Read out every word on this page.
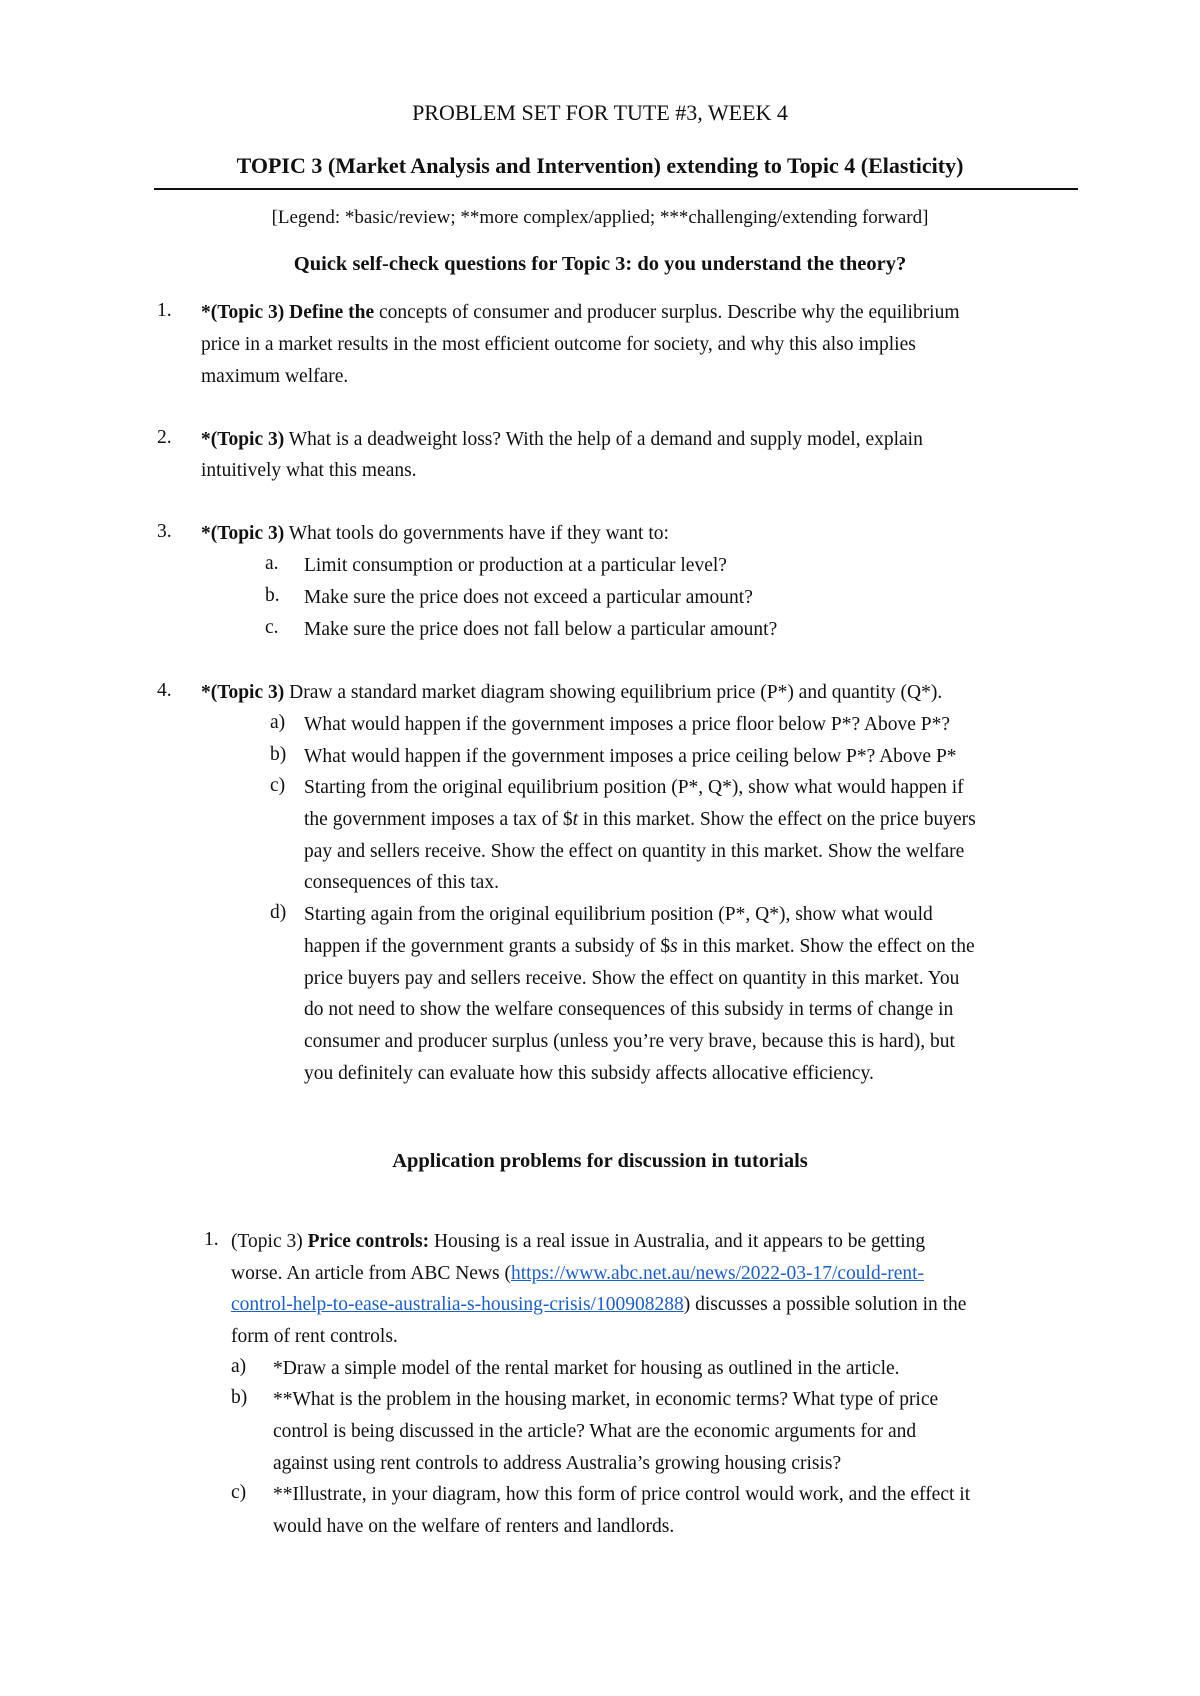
PROBLEM SET FOR TUTE #3, WEEK 4
TOPIC 3 (Market Analysis and Intervention) extending to Topic 4 (Elasticity)
[Legend: *basic/review; **more complex/applied; ***challenging/extending forward]
Quick self-check questions for Topic 3: do you understand the theory?
1. *(Topic 3) Define the concepts of consumer and producer surplus. Describe why the equilibrium
price in a market results in the most efficient outcome for society, and why this also implies
maximum welfare.
2. *(Topic 3) What is a deadweight loss? With the help of a demand and supply model, explain
intuitively what this means.
3. *(Topic 3) What tools do governments have if they want to:
a. Limit consumption or production at a particular level?
b. Make sure the price does not exceed a particular amount?
c. Make sure the price does not fall below a particular amount?
4. *(Topic 3) Draw a standard market diagram showing equilibrium price (P*) and quantity (Q*).
a) What would happen if the government imposes a price floor below P*? Above P*?
b) What would happen if the government imposes a price ceiling below P*? Above P*
c) Starting from the original equilibrium position (P*, Q*), show what would happen if
the government imposes a tax of $t in this market. Show the effect on the price buyers
pay and sellers receive. Show the effect on quantity in this market. Show the welfare
consequences of this tax.
d) Starting again from the original equilibrium position (P*, Q*), show what would
happen if the government grants a subsidy of $s in this market. Show the effect on the
price buyers pay and sellers receive. Show the effect on quantity in this market. You
do not need to show the welfare consequences of this subsidy in terms of change in
consumer and producer surplus (unless you’re very brave, because this is hard), but
you definitely can evaluate how this subsidy affects allocative efficiency.
Application problems for discussion in tutorials
1. (Topic 3) Price controls: Housing is a real issue in Australia, and it appears to be getting
worse. An article from ABC News (https://www.abc.net.au/news/2022-03-17/could-rent-
control-help-to-ease-australia-s-housing-crisis/100908288) discusses a possible solution in the
form of rent controls.
a) *Draw a simple model of the rental market for housing as outlined in the article.
b) **What is the problem in the housing market, in economic terms? What type of price
control is being discussed in the article? What are the economic arguments for and
against using rent controls to address Australia’s growing housing crisis?
c) **Illustrate, in your diagram, how this form of price control would work, and the effect it
would have on the welfare of renters and landlords.
